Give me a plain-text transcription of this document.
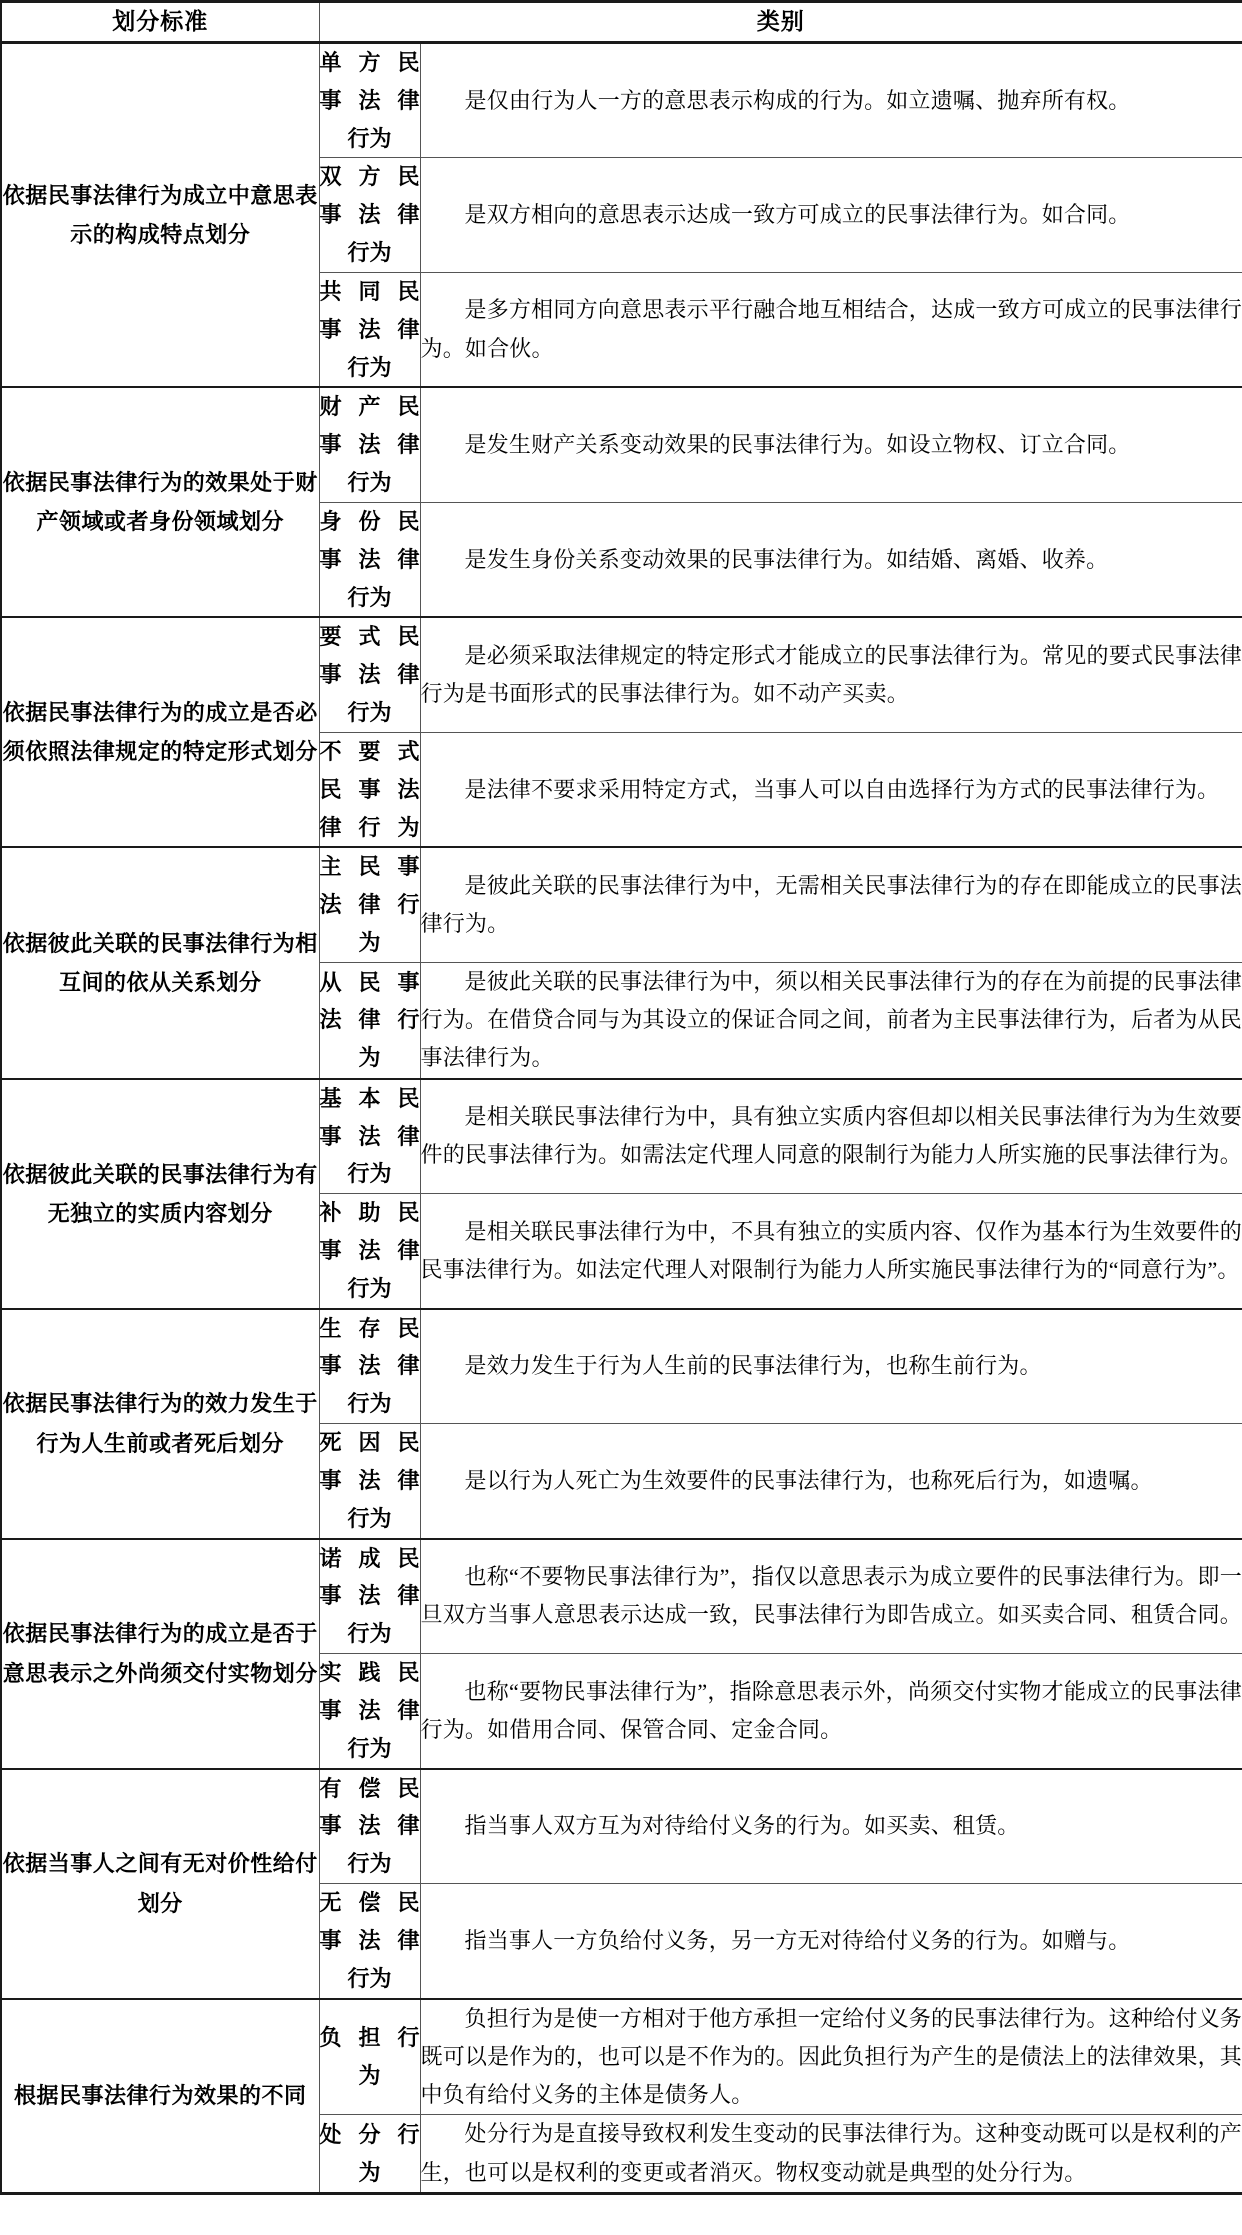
划分标准	类别	
依据民事法律行为成立中意思表示的构成特点划分	单方民
事法律
行为	是仅由行为人一方的意思表示构成的行为。如立遗嘱、抛弃所有权。

	双方民
事法律
行为	是双方相向的意思表示达成一致方可成立的民事法律行为。如合同。

	共同民
事法律
行为	是多方相同方向意思表示平行融合地互相结合，达成一致方可成立的民事法律行为。如合伙。
依据民事法律行为的效果处于财产领域或者身份领域划分	财产民
事法律
行为	是发生财产关系变动效果的民事法律行为。如设立物权、订立合同。

	身份民
事法律
行为	是发生身份关系变动效果的民事法律行为。如结婚、离婚、收养。
依据民事法律行为的成立是否必须依照法律规定的特定形式划分	要式民
事法律
行为	是必须采取法律规定的特定形式才能成立的民事法律行为。常见的要式民事法律行为是书面形式的民事法律行为。如不动产买卖。

	不要式
民事法
律行为	是法律不要求采用特定方式，当事人可以自由选择行为方式的民事法律行为。
依据彼此关联的民事法律行为相互间的依从关系划分	主民事
法律行
为	是彼此关联的民事法律行为中，无需相关民事法律行为的存在即能成立的民事法律行为。

	从民事
法律行
为	是彼此关联的民事法律行为中，须以相关民事法律行为的存在为前提的民事法律行为。在借贷合同与为其设立的保证合同之间，前者为主民事法律行为，后者为从民事法律行为。
依据彼此关联的民事法律行为有无独立的实质内容划分	基本民
事法律
行为	是相关联民事法律行为中，具有独立实质内容但却以相关民事法律行为为生效要件的民事法律行为。如需法定代理人同意的限制行为能力人所实施的民事法律行为。

	补助民
事法律
行为	是相关联民事法律行为中，不具有独立的实质内容、仅作为基本行为生效要件的民事法律行为。如法定代理人对限制行为能力人所实施民事法律行为的“同意行为”。
依据民事法律行为的效力发生于行为人生前或者死后划分	生存民
事法律
行为	是效力发生于行为人生前的民事法律行为，也称生前行为。

	死因民
事法律
行为	是以行为人死亡为生效要件的民事法律行为，也称死后行为，如遗嘱。
依据民事法律行为的成立是否于意思表示之外尚须交付实物划分	诺成民
事法律
行为	也称“不要物民事法律行为”，指仅以意思表示为成立要件的民事法律行为。即一旦双方当事人意思表示达成一致，民事法律行为即告成立。如买卖合同、租赁合同。

	实践民
事法律
行为	也称“要物民事法律行为”，指除意思表示外，尚须交付实物才能成立的民事法律行为。如借用合同、保管合同、定金合同。
依据当事人之间有无对价性给付划分	有偿民
事法律
行为	指当事人双方互为对待给付义务的行为。如买卖、租赁。

	无偿民
事法律
行为	指当事人一方负给付义务，另一方无对待给付义务的行为。如赠与。
根据民事法律行为效果的不同	负担行
为	负担行为是使一方相对于他方承担一定给付义务的民事法律行为。这种给付义务既可以是作为的，也可以是不作为的。因此负担行为产生的是债法上的法律效果，其中负有给付义务的主体是债务人。

	处分行
为	处分行为是直接导致权利发生变动的民事法律行为。这种变动既可以是权利的产生，也可以是权利的变更或者消灭。物权变动就是典型的处分行为。
